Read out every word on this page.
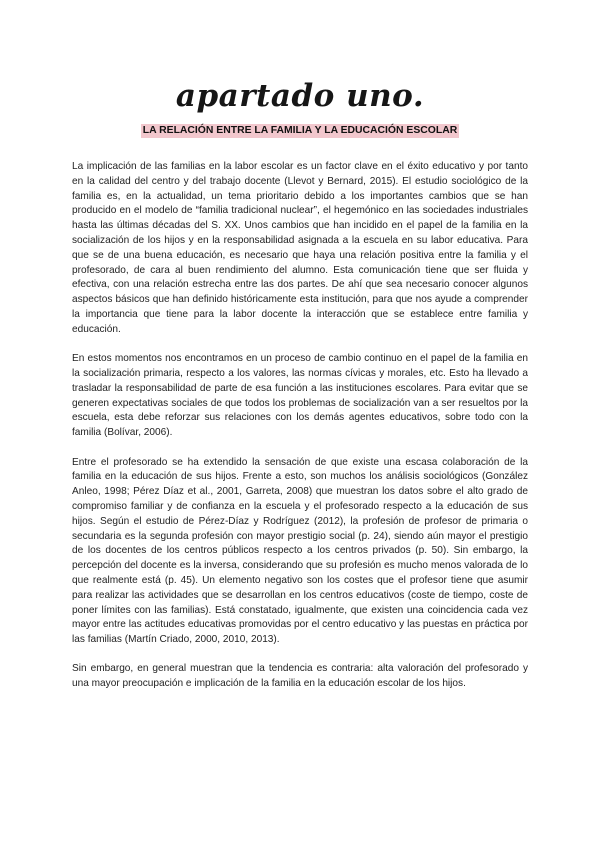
apartado uno.
LA RELACIÓN ENTRE LA FAMILIA Y LA EDUCACIÓN ESCOLAR

La implicación de las familias en la labor escolar es un factor clave en el éxito educativo y por tanto en la calidad del centro y del trabajo docente (Llevot y Bernard, 2015). El estudio sociológico de la familia es, en la actualidad, un tema prioritario debido a los importantes cambios que se han producido en el modelo de “familia tradicional nuclear”, el hegemónico en las sociedades industriales hasta las últimas décadas del S. XX. Unos cambios que han incidido en el papel de la familia en la socialización de los hijos y en la responsabilidad asignada a la escuela en su labor educativa. Para que se de una buena educación, es necesario que haya una relación positiva entre la familia y el profesorado, de cara al buen rendimiento del alumno. Esta comunicación tiene que ser fluida y efectiva, con una relación estrecha entre las dos partes. De ahí que sea necesario conocer algunos aspectos básicos que han definido históricamente esta institución, para que nos ayude a comprender la importancia que tiene para la labor docente la interacción que se establece entre familia y educación.

En estos momentos nos encontramos en un proceso de cambio continuo en el papel de la familia en la socialización primaria, respecto a los valores, las normas cívicas y morales, etc. Esto ha llevado a trasladar la responsabilidad de parte de esa función a las instituciones escolares. Para evitar que se generen expectativas sociales de que todos los problemas de socialización van a ser resueltos por la escuela, esta debe reforzar sus relaciones con los demás agentes educativos, sobre todo con la familia (Bolívar, 2006).

Entre el profesorado se ha extendido la sensación de que existe una escasa colaboración de la familia en la educación de sus hijos. Frente a esto, son muchos los análisis sociológicos (González Anleo, 1998; Pérez Díaz et al., 2001, Garreta, 2008) que muestran los datos sobre el alto grado de compromiso familiar y de confianza en la escuela y el profesorado respecto a la educación de sus hijos. Según el estudio de Pérez-Díaz y Rodríguez (2012), la profesión de profesor de primaria o secundaria es la segunda profesión con mayor prestigio social (p. 24), siendo aún mayor el prestigio de los docentes de los centros públicos respecto a los centros privados (p. 50). Sin embargo, la percepción del docente es la inversa, considerando que su profesión es mucho menos valorada de lo que realmente está (p. 45). Un elemento negativo son los costes que el profesor tiene que asumir para realizar las actividades que se desarrollan en los centros educativos (coste de tiempo, coste de poner límites con las familias). Está constatado, igualmente, que existen una coincidencia cada vez mayor entre las actitudes educativas promovidas por el centro educativo y las puestas en práctica por las familias (Martín Criado, 2000, 2010, 2013).

Sin embargo, en general muestran que la tendencia es contraria: alta valoración del profesorado y una mayor preocupación e implicación de la familia en la educación escolar de los hijos.
